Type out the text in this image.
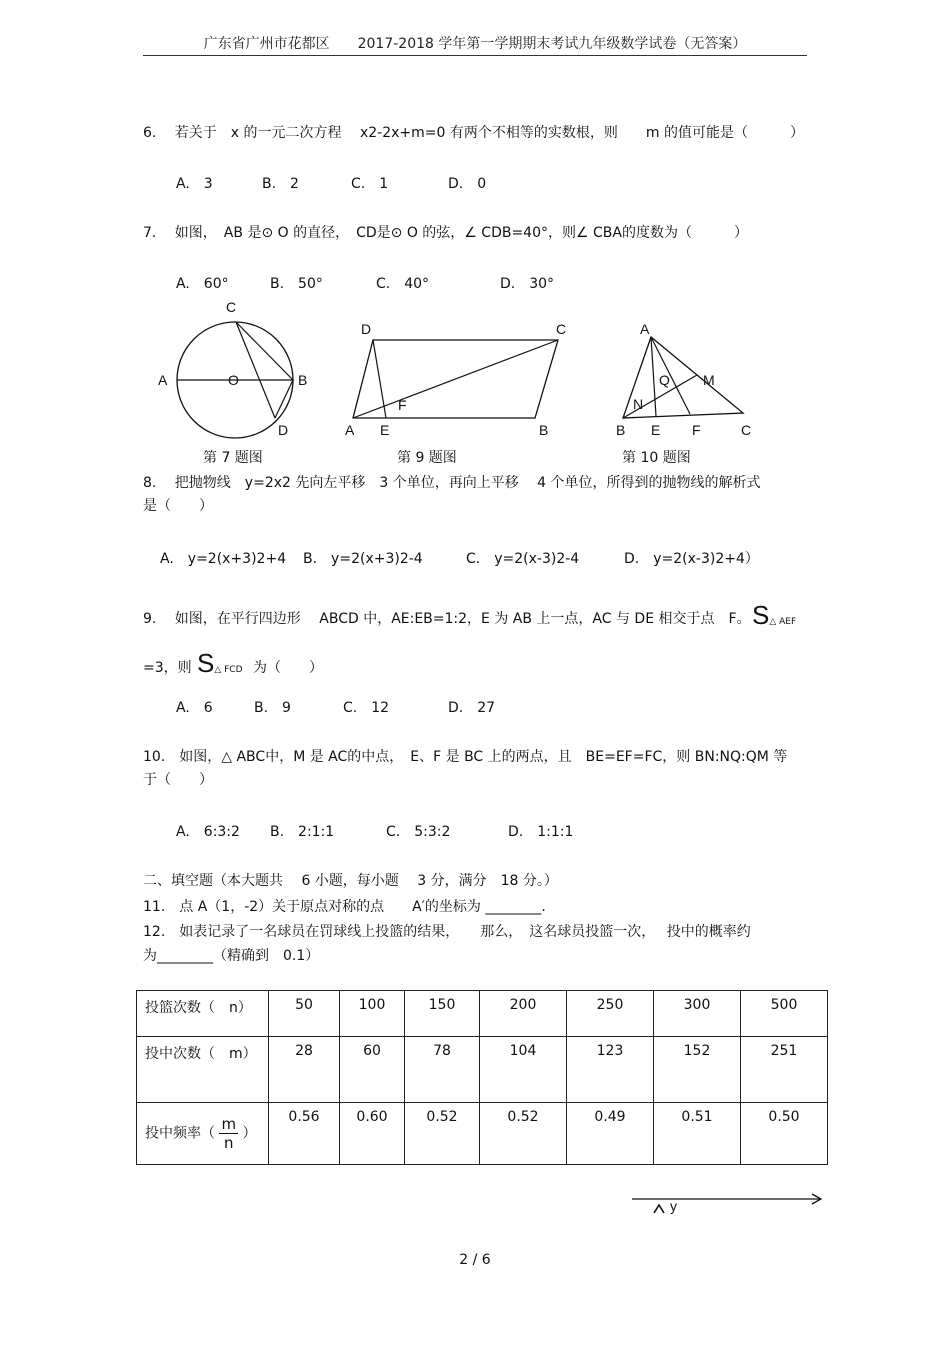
广东省广州市花都区　　2017-2018 学年第一学期期末考试九年级数学试卷（无答案）
6.　 若关于　x 的一元二次方程　 x2-2x+m=0 有两个不相等的实数根，则　　m 的值可能是（　　　）
A.　3	B.　2	C.　1	D.　0
7.　 如图，　AB 是⊙ O 的直径，　CD是⊙ O 的弦，∠ CDB=40°，则∠ CBA的度数为（　　　）
A.　60°	B.　50°	C.　40°	D.　30°
A	O	B
C
D
D	C
A E	B
F
A
B E F	C
M
Q
N
第 7 题图	第 9 题图	第 10 题图
8.　 把抛物线　y=2x2 先向左平移　3 个单位，再向上平移　 4 个单位，所得到的抛物线的解析式
是（　　）
A.　y=2(x+3)2+4 B.　y=2(x+3)2-4	C.　y=2(x-3)2-4	D.　y=2(x-3)2+4）
9.　 如图，在平行四边形　 ABCD 中，AE:EB=1:2，E 为 AB 上一点，AC 与 DE 相交于点　F。 S△ AEF
=3，则 S△ FCD 为（　　）
A.　6	B.　9	C.　12	D.　27
10.　如图，△ ABC中，M 是 AC的中点，　E、F 是 BC 上的两点，且　BE=EF=FC，则 BN:NQ:QM 等
于（　　）
A.　6:3:2 B.　2:1:1	C.　5:3:2	D.　1:1:1
二、填空题（本大题共　 6 小题，每小题　 3 分，满分　18 分。）
11.　点 A（1，-2）关于原点对称的点　　A′的坐标为 ________.
12.　如表记录了一名球员在罚球线上投篮的结果，　　那么，　这名球员投篮一次，　 投中的概率约
为________（精确到　0.1）
投篮次数（　n）	50	100	150	200	250	300	500
投中次数（　m）	28	60	78	104	123	152	251
投中频率（ $\frac{m}{n}$ ）	0.56	0.60	0.52	0.52	0.49	0.51	0.50
y
2 / 6
